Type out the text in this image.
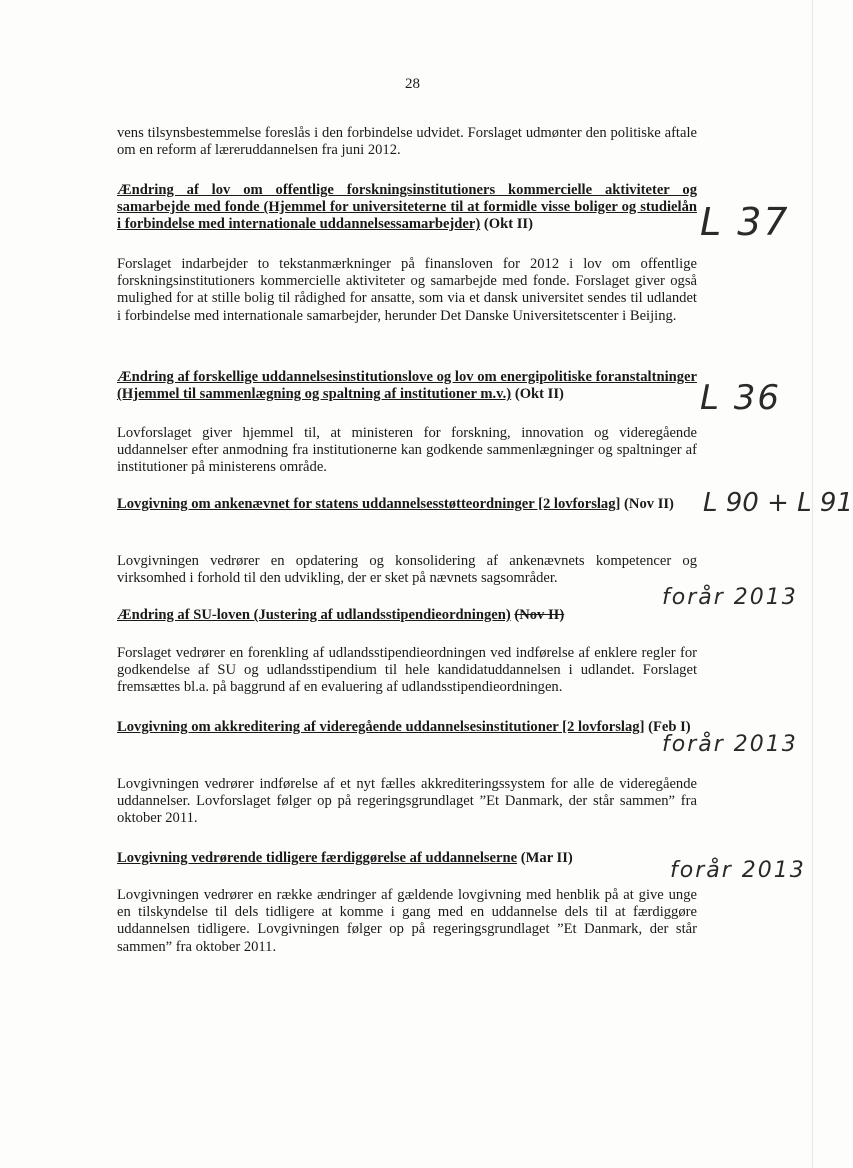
28

vens tilsynsbestemmelse foreslås i den forbindelse udvidet. Forslaget udmønter den politiske aftale om en reform af læreruddannelsen fra juni 2012.

Ændring af lov om offentlige forskningsinstitutioners kommercielle aktiviteter og samarbejde med fonde (Hjemmel for universiteterne til at formidle visse boliger og studielån i forbindelse med internationale uddannelsessamarbejder) (Okt II)

Forslaget indarbejder to tekstanmærkninger på finansloven for 2012 i lov om offentlige forskningsinstitutioners kommercielle aktiviteter og samarbejde med fonde. Forslaget giver også mulighed for at stille bolig til rådighed for ansatte, som via et dansk universitet sendes til udlandet i forbindelse med internationale samarbejder, herunder Det Danske Universitetscenter i Beijing.

Ændring af forskellige uddannelsesinstitutionslove og lov om energipolitiske foranstaltninger (Hjemmel til sammenlægning og spaltning af institutioner m.v.) (Okt II)

Lovforslaget giver hjemmel til, at ministeren for forskning, innovation og videregående uddannelser efter anmodning fra institutionerne kan godkende sammenlægninger og spaltninger af institutioner på ministerens område.

Lovgivning om ankenævnet for statens uddannelsesstøtteordninger [2 lovforslag] (Nov II)

Lovgivningen vedrører en opdatering og konsolidering af ankenævnets kompetencer og virksomhed i forhold til den udvikling, der er sket på nævnets sagsområder.

Ændring af SU-loven (Justering af udlandsstipendieordningen) (Nov II)

Forslaget vedrører en forenkling af udlandsstipendieordningen ved indførelse af enklere regler for godkendelse af SU og udlandsstipendium til hele kandidatuddannelsen i udlandet. Forslaget fremsættes bl.a. på baggrund af en evaluering af udlandsstipendieordningen.

Lovgivning om akkreditering af videregående uddannelsesinstitutioner [2 lovforslag] (Feb I)

Lovgivningen vedrører indførelse af et nyt fælles akkrediteringssystem for alle de videregående uddannelser. Lovforslaget følger op på regeringsgrundlaget ”Et Danmark, der står sammen” fra oktober 2011.

Lovgivning vedrørende tidligere færdiggørelse af uddannelserne (Mar II)

Lovgivningen vedrører en række ændringer af gældende lovgivning med henblik på at give unge en tilskyndelse til dels tidligere at komme i gang med en uddannelse dels til at færdiggøre uddannelsen tidligere. Lovgivningen følger op på regeringsgrundlaget ”Et Danmark, der står sammen” fra oktober 2011.

L 37
L 36
L 90 + L 91
forår 2013
forår 2013
forår 2013
